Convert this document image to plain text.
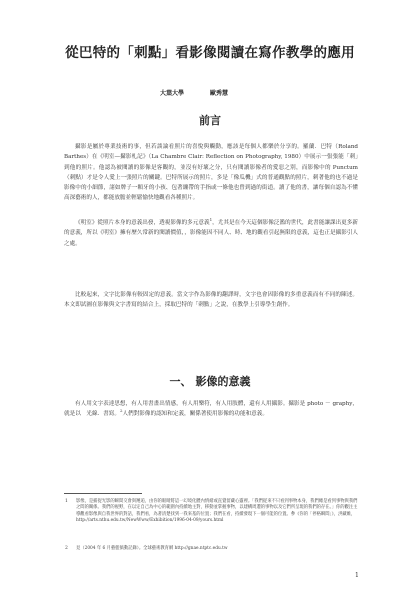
從巴特的「刺點」看影像閱讀在寫作教學的應用
大葉大學	歐秀慧
前言

攝影是屬於專業技術的事，但若談論看照片的喜悅與觸動，應該是每個人都樂於分享的。羅蘭．巴特（Roland Barthes）在《明室—攝影札記》（La Chambre Clair: Reflection on Photography, 1980）中展示一張張能「刺」到他的照片。他認為被閱讀的影像是客觀的，並沒有好壞之分，只有閱讀影像者的愛惡之別，而影像中的 Punctum（刺點）才是令人愛上一張照片的關鍵。巴特所展示的照片，多是「像瓜機」式的普通觀點的照片，刺著他的也不過是影像中的小細節，諸如牌子一顆牙的小孩、包著繃帶的手指或一條他也曾到過的街道。讀了他的書，讓每個自認為不懂高深藝術的人，都能放膽並輕鬆愉快地觀看各種照片。

《明室》從照片本身的意義出發，透視影像的多元意義$^1$，尤其是在今天這個影像泛濫的世代，此書能讓課出更多新的意義，所以《明室》擁有歷久常新的閱讀價值，，影像能因不同人、時、地的觀看引起無限的意義，這也正是攝影引人之處。

比較起來，文字比影像有較固定的意義。當文字作為影像的翻譯時，文字也會因影像的多重意義而有不同的陳述。本文即試圖在影像與文字書寫的結合上，採取巴特的「刺點」之說，在教學上引導學生創作。

一、 影像的意義

有人用文字表達思想，有人用書畫出情感，有人用樂符，有人用肢體，還有人用攝影。攝影是 photo － graphy，就是以　光線．書寫。$^2$人們對影像的認知和定義，關係著使用影像的功能和意義。

1 影像，是捕捉光影的瞬間交會與邂逅，由你的眼睛將這一幻境化體內情緒或直覺留藏心靈裡。「我們從來不只看到事物本身，我們總是看到事物與我們之間的關係。我們的視野，在以定自己為中心的範圍內持續地主對，移動並掌握事物，以建構周遭的事物以及它們所呈現的我們的存在。」你的觀注主導觀看影像與自我世界的對話，我們看，為著清楚找到一我來基的位置；我們在看，持續發現下一個可能的位置。參《你的「停格瞬間」》，洪藏維，
http://arts.nthu.edu.tw/NewWww/Exhibition/1996-04-09/yours.html
2 見（2004 年 6 月藝藍搞動記錄）。全球藝術教育網 http://gnae.ntptc.edu.tw
1
